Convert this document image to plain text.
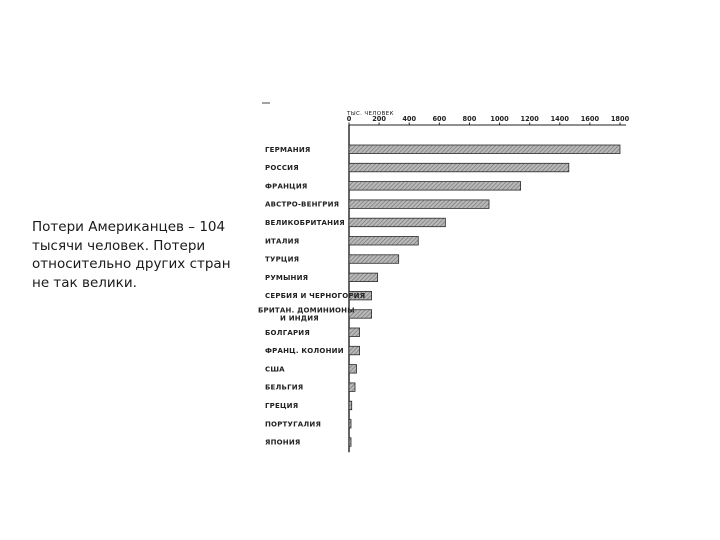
Потери Американцев – 104 тысячи человек. Потери относительно других стран не так велики.
ТЫС. ЧЕЛОВЕК
0	200 400 600 800 1000 1200 1400 1600 1800
ГЕРМАНИЯ
РОССИЯ
ФРАНЦИЯ
АВСТРО-ВЕНГРИЯ
ВЕЛИКОБРИТАНИЯ
ИТАЛИЯ
ТУРЦИЯ
РУМЫНИЯ
СЕРБИЯ И ЧЕРНОГОРИЯ
БРИТАН. ДОМИНИОНЫ
И ИНДИЯ
БОЛГАРИЯ
ФРАНЦ. КОЛОНИИ
США
БЕЛЬГИЯ
ГРЕЦИЯ
ПОРТУГАЛИЯ
ЯПОНИЯ
